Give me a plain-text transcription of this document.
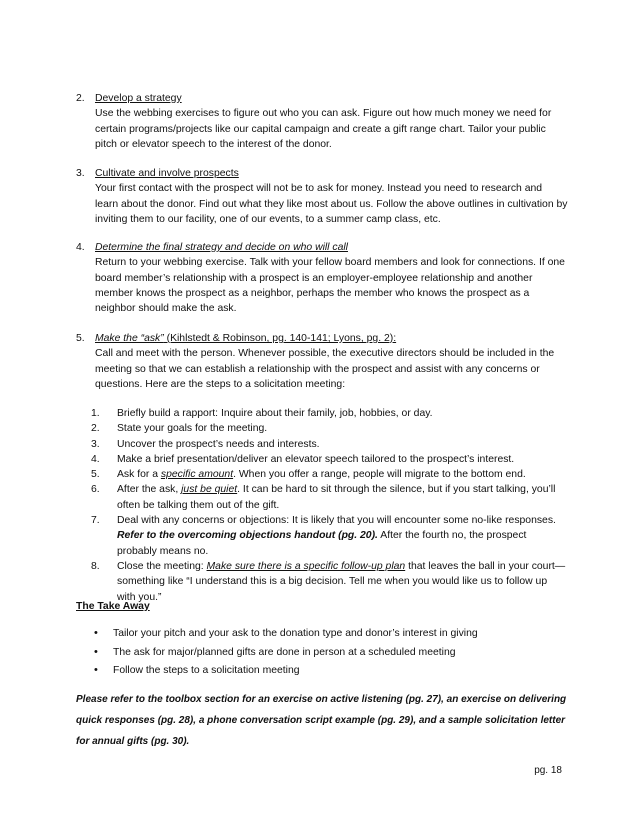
2. Develop a strategy
Use the webbing exercises to figure out who you can ask. Figure out how much money we need for certain programs/projects like our capital campaign and create a gift range chart. Tailor your public pitch or elevator speech to the interest of the donor.
3. Cultivate and involve prospects
Your first contact with the prospect will not be to ask for money. Instead you need to research and learn about the donor. Find out what they like most about us. Follow the above outlines in cultivation by inviting them to our facility, one of our events, to a summer camp class, etc.
4. Determine the final strategy and decide on who will call
Return to your webbing exercise. Talk with your fellow board members and look for connections. If one board member’s relationship with a prospect is an employer-employee relationship and another member knows the prospect as a neighbor, perhaps the member who knows the prospect as a neighbor should make the ask.
5. Make the “ask” (Kihlstedt & Robinson, pg. 140-141; Lyons, pg. 2):
Call and meet with the person. Whenever possible, the executive directors should be included in the meeting so that we can establish a relationship with the prospect and assist with any concerns or questions. Here are the steps to a solicitation meeting:
1. Briefly build a rapport: Inquire about their family, job, hobbies, or day.
2. State your goals for the meeting.
3. Uncover the prospect’s needs and interests.
4. Make a brief presentation/deliver an elevator speech tailored to the prospect’s interest.
5. Ask for a specific amount. When you offer a range, people will migrate to the bottom end.
6. After the ask, just be quiet. It can be hard to sit through the silence, but if you start talking, you’ll often be talking them out of the gift.
7. Deal with any concerns or objections: It is likely that you will encounter some no-like responses. Refer to the overcoming objections handout (pg. 20). After the fourth no, the prospect probably means no.
8. Close the meeting: Make sure there is a specific follow-up plan that leaves the ball in your court—something like “I understand this is a big decision. Tell me when you would like us to follow up with you.”
The Take Away
• Tailor your pitch and your ask to the donation type and donor’s interest in giving
• The ask for major/planned gifts are done in person at a scheduled meeting
• Follow the steps to a solicitation meeting
Please refer to the toolbox section for an exercise on active listening (pg. 27), an exercise on delivering quick responses (pg. 28), a phone conversation script example (pg. 29), and a sample solicitation letter for annual gifts (pg. 30).
pg. 18
